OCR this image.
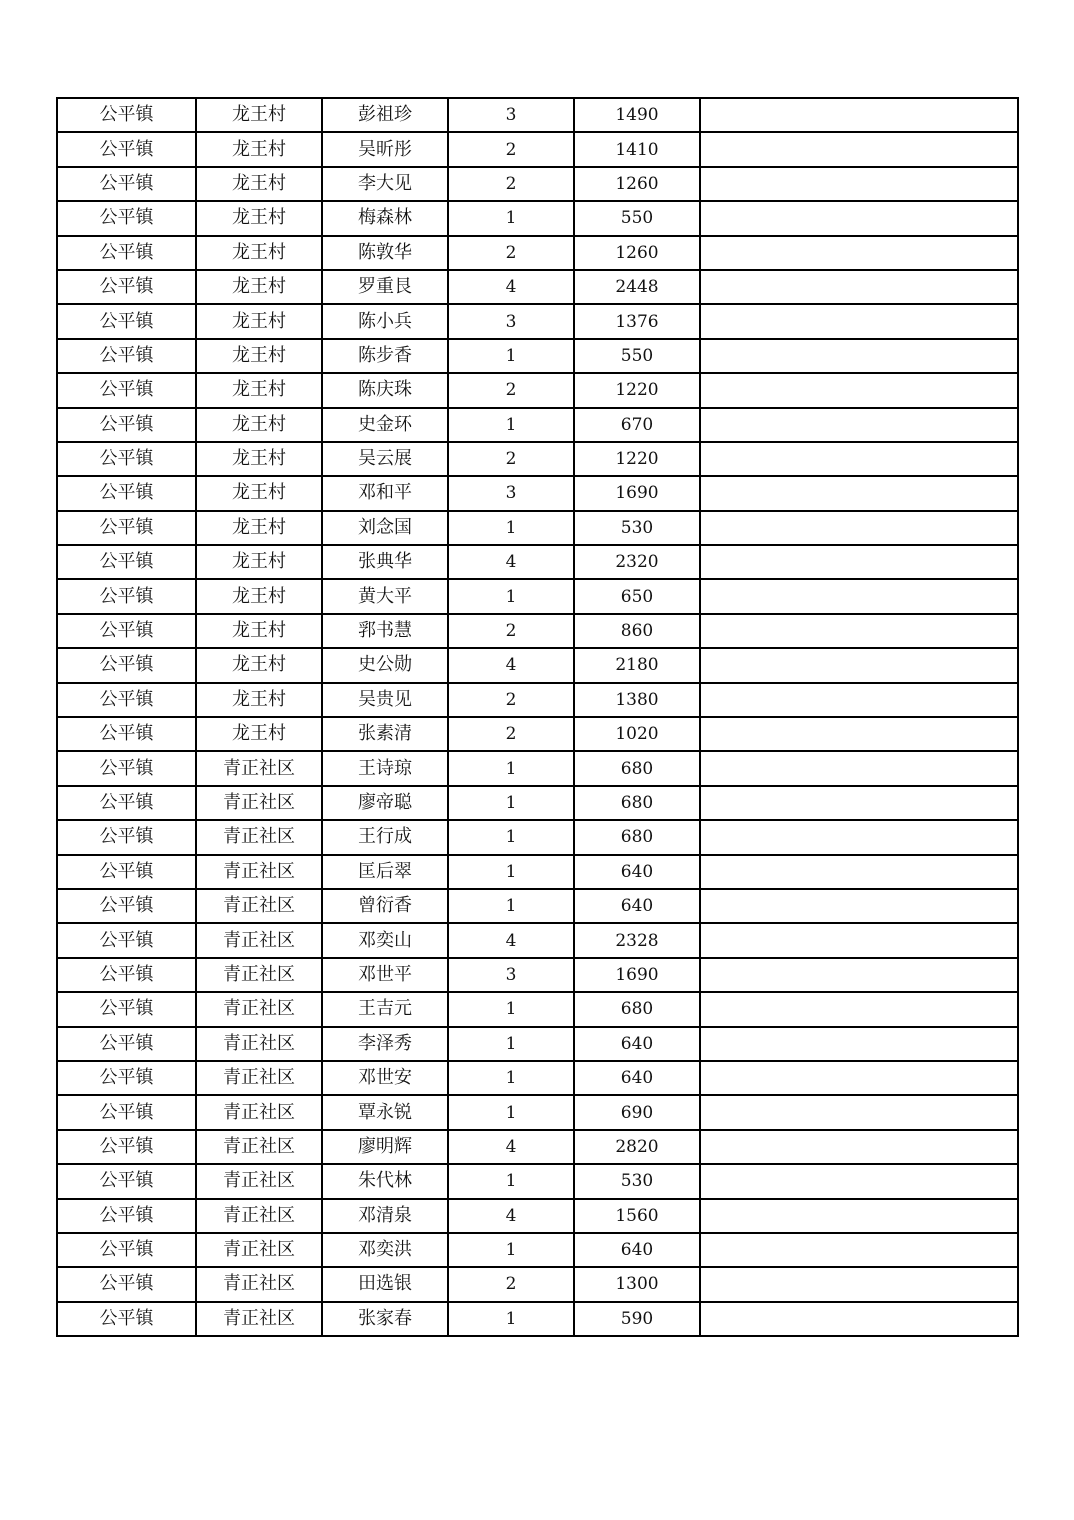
公平镇	龙王村	彭祖珍	3	1490	
公平镇	龙王村	吴昕彤	2	1410	
公平镇	龙王村	李大见	2	1260	
公平镇	龙王村	梅森林	1	550	
公平镇	龙王村	陈敦华	2	1260	
公平镇	龙王村	罗重艮	4	2448	
公平镇	龙王村	陈小兵	3	1376	
公平镇	龙王村	陈步香	1	550	
公平镇	龙王村	陈庆珠	2	1220	
公平镇	龙王村	史金环	1	670	
公平镇	龙王村	吴云展	2	1220	
公平镇	龙王村	邓和平	3	1690	
公平镇	龙王村	刘念国	1	530	
公平镇	龙王村	张典华	4	2320	
公平镇	龙王村	黄大平	1	650	
公平镇	龙王村	郛书慧	2	860	
公平镇	龙王村	史公勋	4	2180	
公平镇	龙王村	吴贵见	2	1380	
公平镇	龙王村	张素清	2	1020	
公平镇	青正社区	王诗琼	1	680	
公平镇	青正社区	廖帝聪	1	680	
公平镇	青正社区	王行成	1	680	
公平镇	青正社区	匡后翠	1	640	
公平镇	青正社区	曾衍香	1	640	
公平镇	青正社区	邓奕山	4	2328	
公平镇	青正社区	邓世平	3	1690	
公平镇	青正社区	王吉元	1	680	
公平镇	青正社区	李泽秀	1	640	
公平镇	青正社区	邓世安	1	640	
公平镇	青正社区	覃永锐	1	690	
公平镇	青正社区	廖明辉	4	2820	
公平镇	青正社区	朱代林	1	530	
公平镇	青正社区	邓清泉	4	1560	
公平镇	青正社区	邓奕洪	1	640	
公平镇	青正社区	田选银	2	1300	
公平镇	青正社区	张家春	1	590	
